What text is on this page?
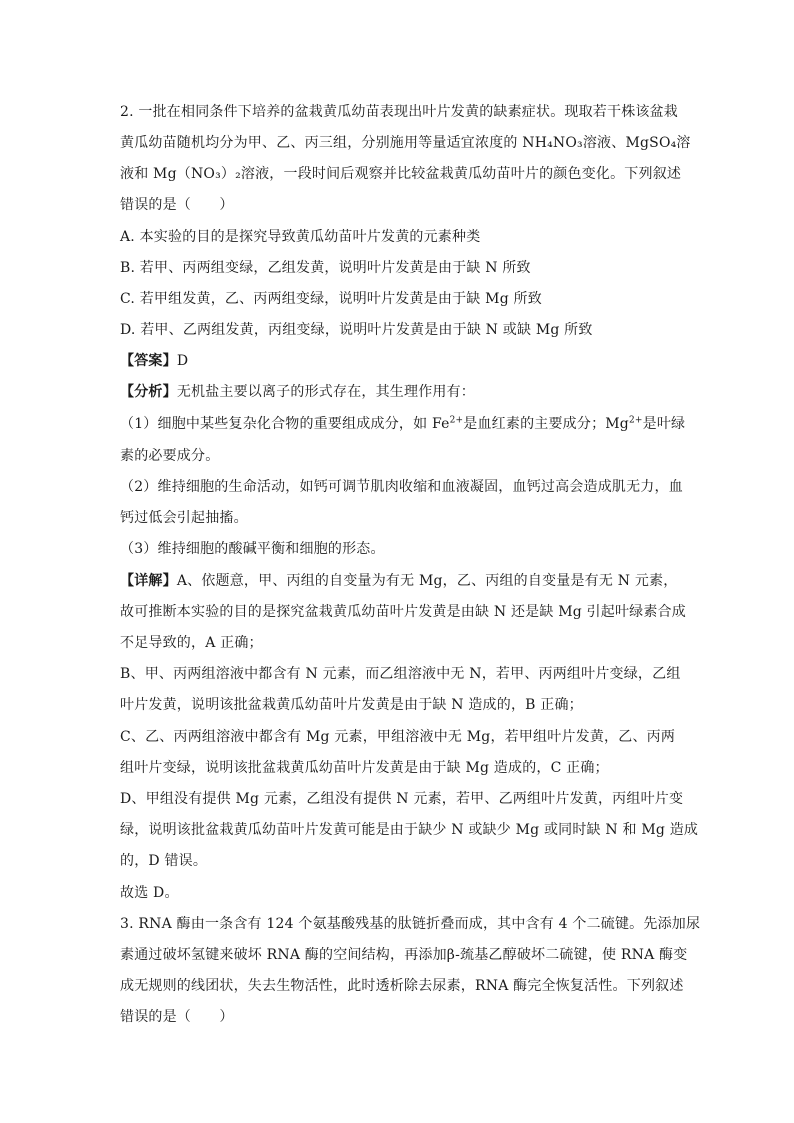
2. 一批在相同条件下培养的盆栽黄瓜幼苗表现出叶片发黄的缺素症状。现取若干株该盆栽
黄瓜幼苗随机均分为甲、乙、丙三组，分别施用等量适宜浓度的 NH₄NO₃溶液、MgSO₄溶
液和 Mg（NO₃）₂溶液，一段时间后观察并比较盆栽黄瓜幼苗叶片的颜色变化。下列叙述
错误的是（　　）
A. 本实验的目的是探究导致黄瓜幼苗叶片发黄的元素种类
B. 若甲、丙两组变绿，乙组发黄，说明叶片发黄是由于缺 N 所致
C. 若甲组发黄，乙、丙两组变绿，说明叶片发黄是由于缺 Mg 所致
D. 若甲、乙两组发黄，丙组变绿，说明叶片发黄是由于缺 N 或缺 Mg 所致
【答案】D
【分析】无机盐主要以离子的形式存在，其生理作用有：
（1）细胞中某些复杂化合物的重要组成成分，如 $Fe^{2+}$是血红素的主要成分；$Mg^{2+}$是叶绿
素的必要成分。
（2）维持细胞的生命活动，如钙可调节肌肉收缩和血液凝固，血钙过高会造成肌无力，血
钙过低会引起抽搐。
（3）维持细胞的酸碱平衡和细胞的形态。
【详解】A、依题意，甲、丙组的自变量为有无 Mg，乙、丙组的自变量是有无 N 元素，
故可推断本实验的目的是探究盆栽黄瓜幼苗叶片发黄是由缺 N 还是缺 Mg 引起叶绿素合成
不足导致的，A 正确；
B、甲、丙两组溶液中都含有 N 元素，而乙组溶液中无 N，若甲、丙两组叶片变绿，乙组
叶片发黄，说明该批盆栽黄瓜幼苗叶片发黄是由于缺 N 造成的，B 正确；
C、乙、丙两组溶液中都含有 Mg 元素，甲组溶液中无 Mg，若甲组叶片发黄，乙、丙两
组叶片变绿，说明该批盆栽黄瓜幼苗叶片发黄是由于缺 Mg 造成的，C 正确；
D、甲组没有提供 Mg 元素，乙组没有提供 N 元素，若甲、乙两组叶片发黄，丙组叶片变
绿，说明该批盆栽黄瓜幼苗叶片发黄可能是由于缺少 N 或缺少 Mg 或同时缺 N 和 Mg 造成
的，D 错误。
故选 D。
3. RNA 酶由一条含有 124 个氨基酸残基的肽链折叠而成，其中含有 4 个二硫键。先添加尿
素通过破坏氢键来破坏 RNA 酶的空间结构，再添加β-巯基乙醇破坏二硫键，使 RNA 酶变
成无规则的线团状，失去生物活性，此时透析除去尿素，RNA 酶完全恢复活性。下列叙述
错误的是（　　）
